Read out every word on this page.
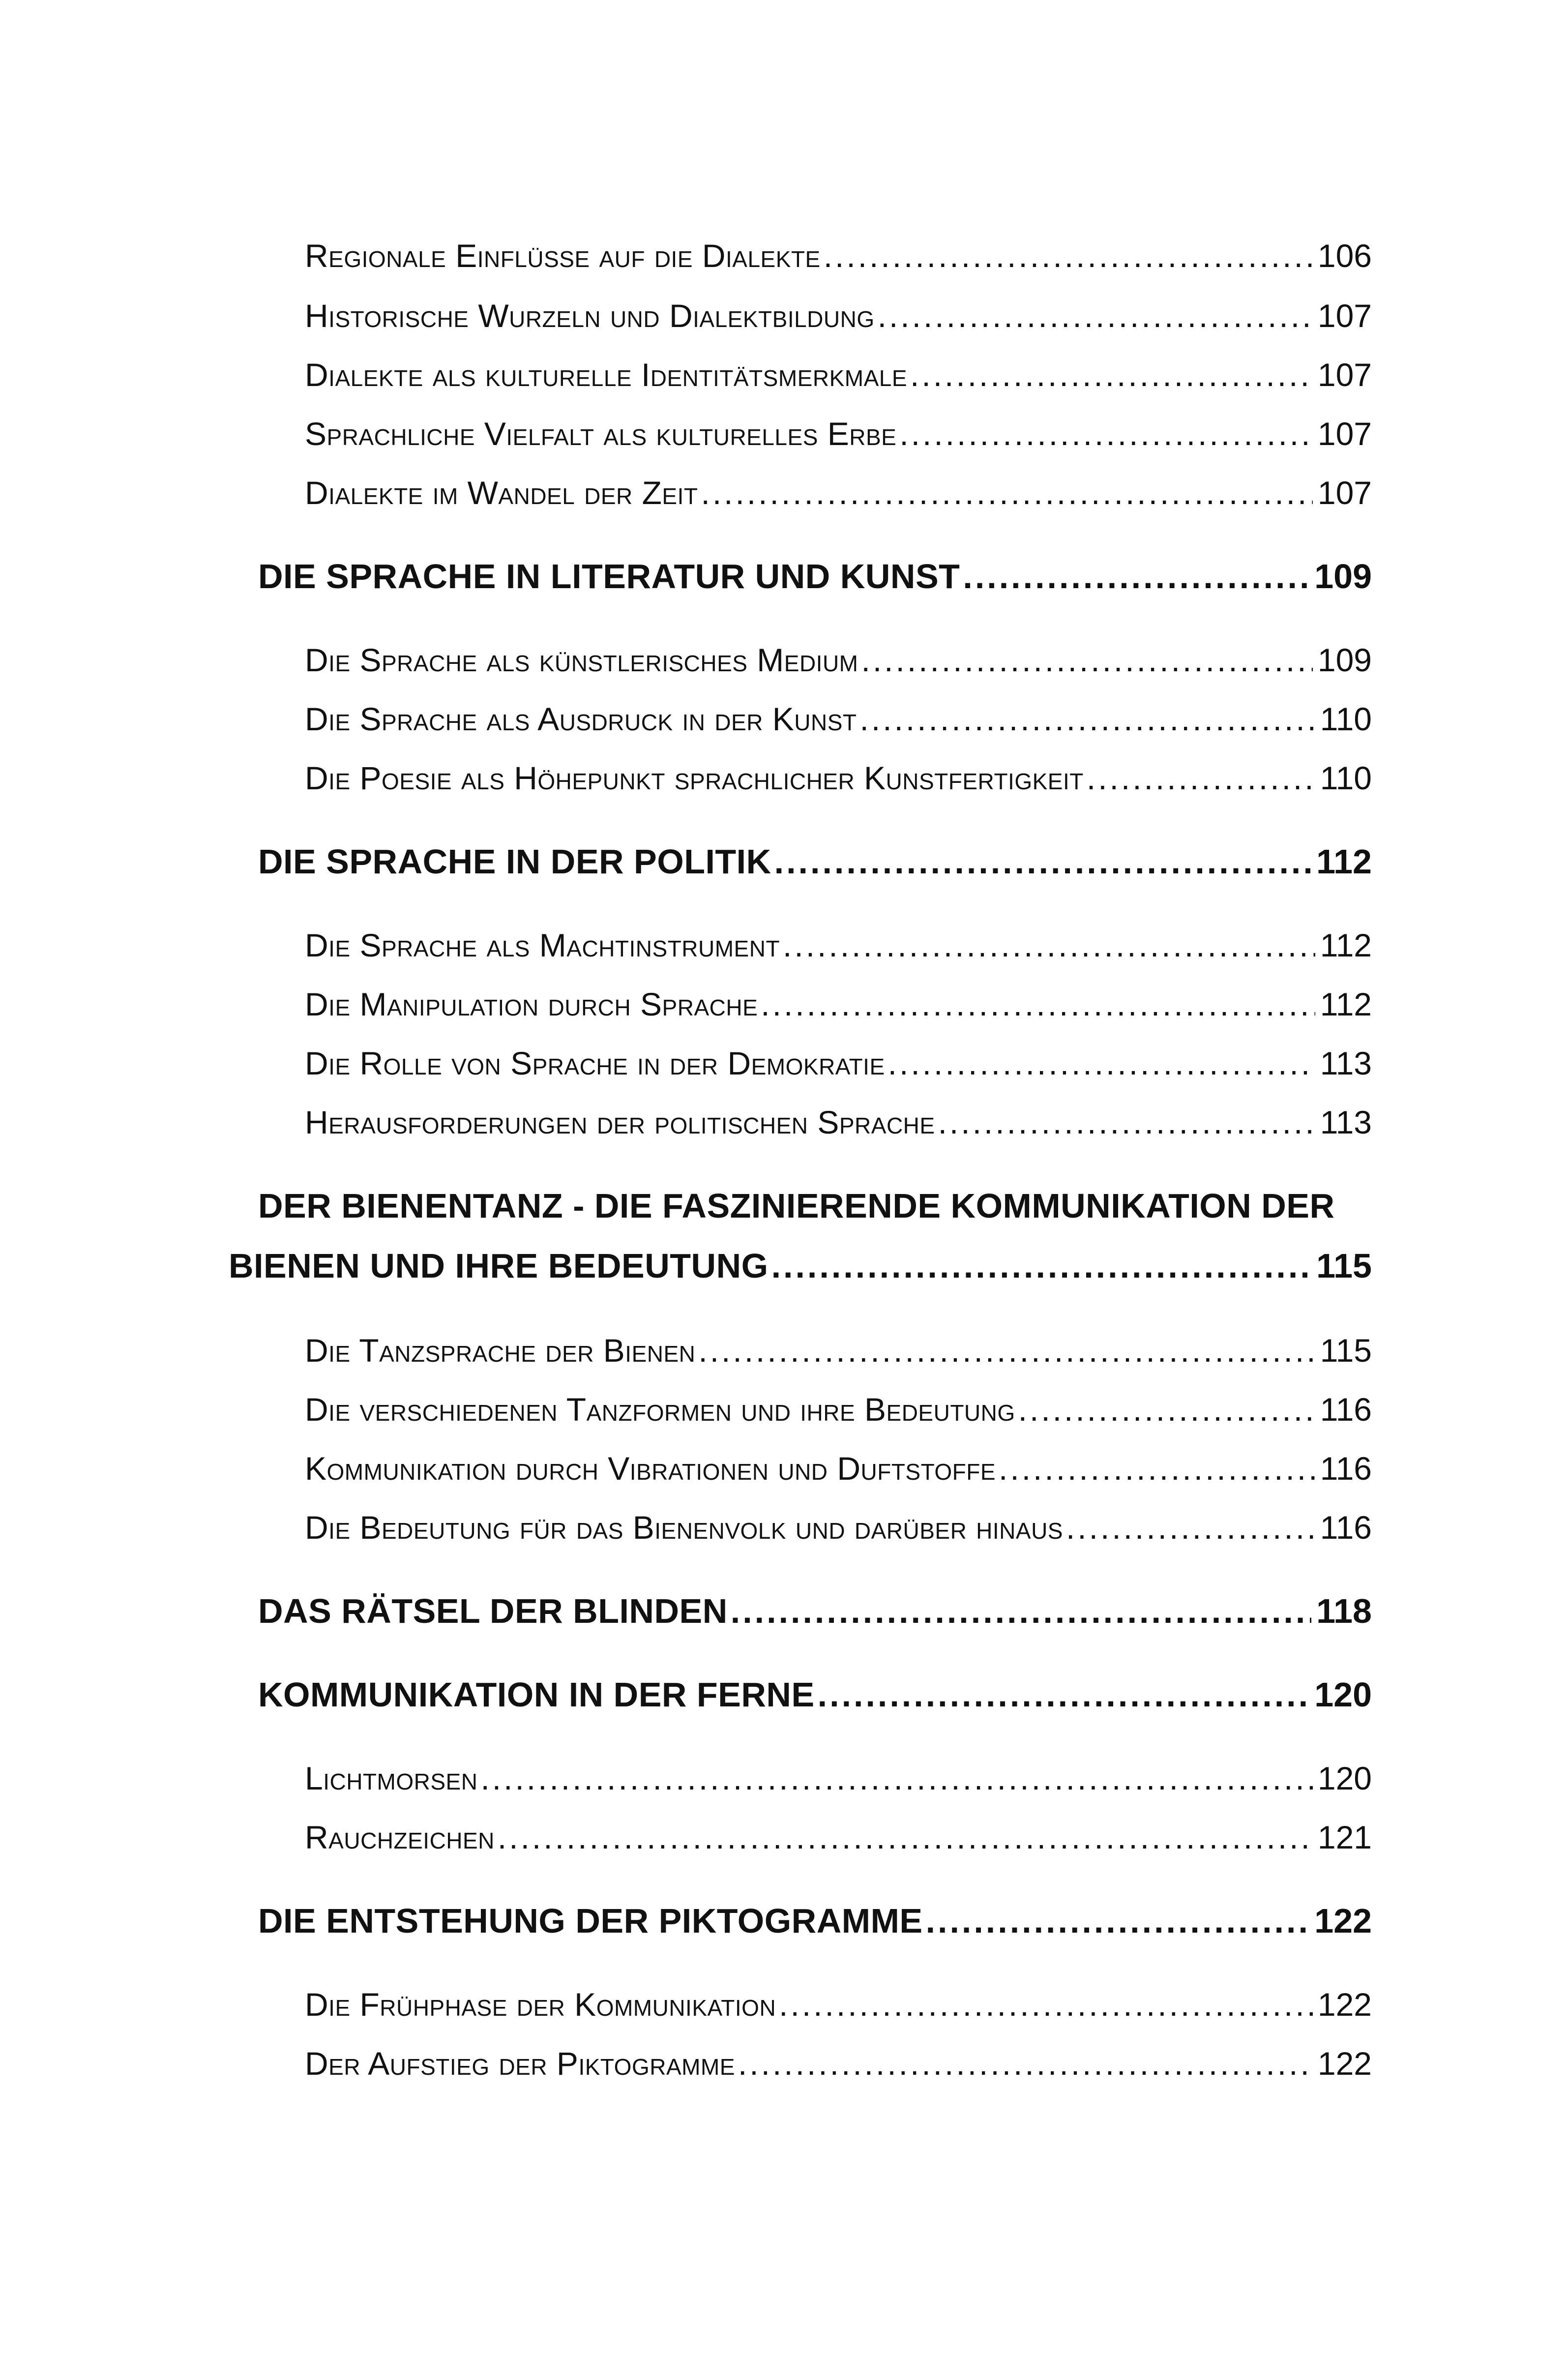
Regionale Einflüsse auf die Dialekte .....	106
Historische Wurzeln und Dialektbildung .....	107
Dialekte als kulturelle Identitätsmerkmale .....	107
Sprachliche Vielfalt als kulturelles Erbe .....	107
Dialekte im Wandel der Zeit .....	107
DIE SPRACHE IN LITERATUR UND KUNST .....	109
Die Sprache als künstlerisches Medium .....	109
Die Sprache als Ausdruck in der Kunst .....	110
Die Poesie als Höhepunkt sprachlicher Kunstfertigkeit .....	110
DIE SPRACHE IN DER POLITIK .....	112
Die Sprache als Machtinstrument .....	112
Die Manipulation durch Sprache .....	112
Die Rolle von Sprache in der Demokratie .....	113
Herausforderungen der politischen Sprache .....	113
DER BIENENTANZ - DIE FASZINIERENDE KOMMUNIKATION DER
BIENEN UND IHRE BEDEUTUNG .....	115
Die Tanzsprache der Bienen .....	115
Die verschiedenen Tanzformen und ihre Bedeutung .....	116
Kommunikation durch Vibrationen und Duftstoffe .....	116
Die Bedeutung für das Bienenvolk und darüber hinaus .....	116
DAS RÄTSEL DER BLINDEN .....	118
KOMMUNIKATION IN DER FERNE .....	120
Lichtmorsen .....	120
Rauchzeichen .....	121
DIE ENTSTEHUNG DER PIKTOGRAMME .....	122
Die Frühphase der Kommunikation .....	122
Der Aufstieg der Piktogramme .....	122
